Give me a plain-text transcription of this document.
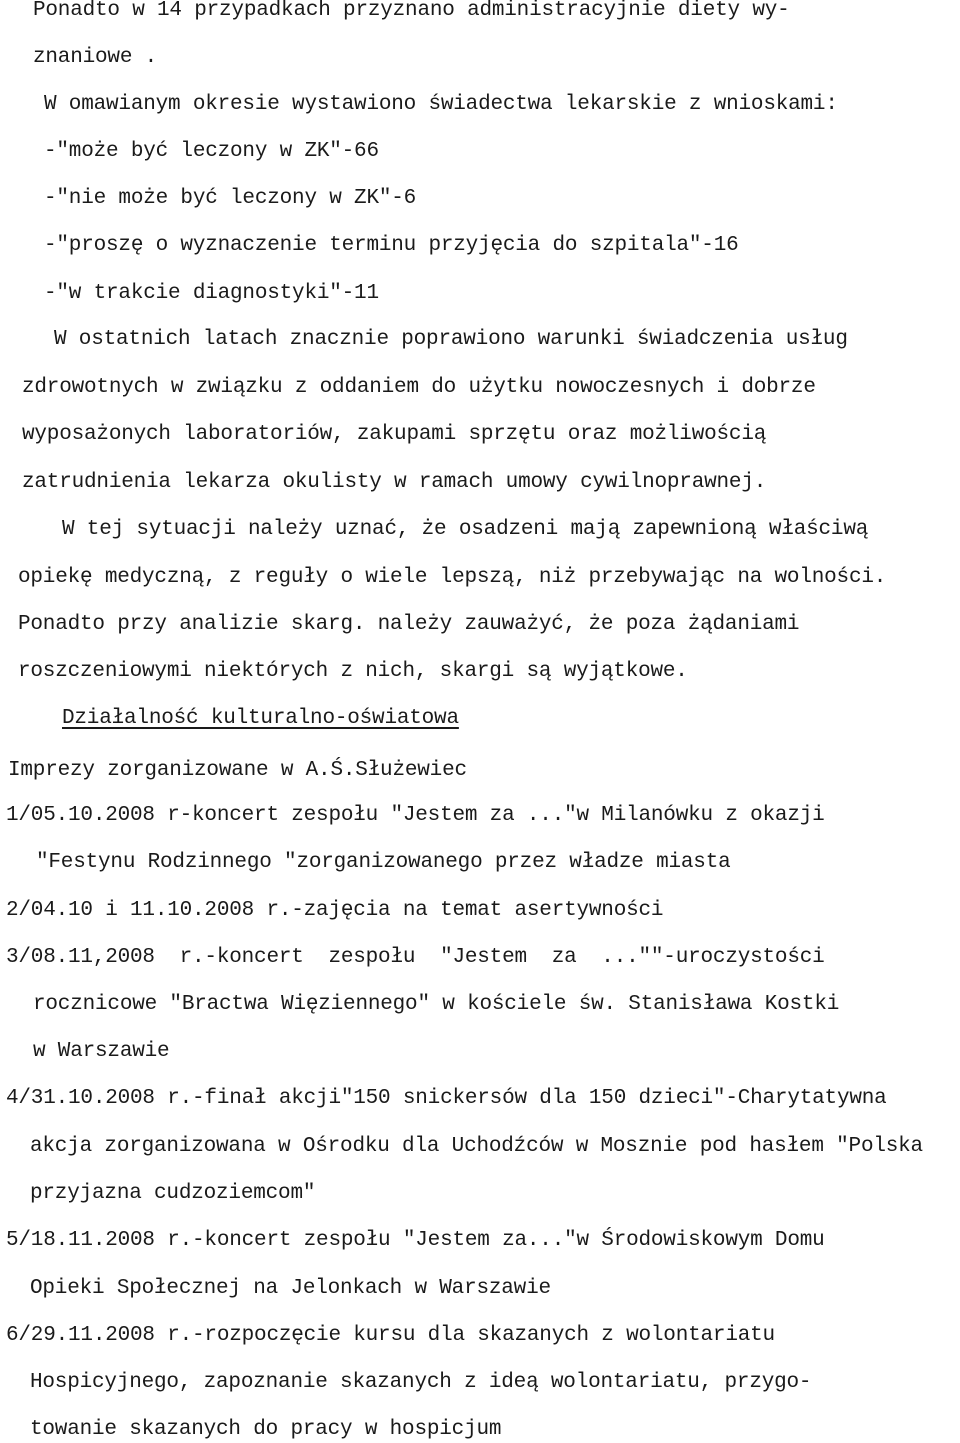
Ponadto w 14 przypadkach przyznano administracyjnie diety wy-
znaniowe .
W omawianym okresie wystawiono świadectwa lekarskie z wnioskami:
-"może być leczony w ZK"-66
-"nie może być leczony w ZK"-6
-"proszę o wyznaczenie terminu przyjęcia do szpitala"-16
-"w trakcie diagnostyki"-11
W ostatnich latach znacznie poprawiono warunki świadczenia usług
zdrowotnych w związku z oddaniem do użytku nowoczesnych i dobrze
wyposażonych laboratoriów, zakupami sprzętu oraz możliwością
zatrudnienia lekarza okulisty w ramach umowy cywilnoprawnej.
W tej sytuacji należy uznać, że osadzeni mają zapewnioną właściwą
opiekę medyczną, z reguły o wiele lepszą, niż przebywając na wolności.
Ponadto przy analizie skarg. należy zauważyć, że poza żądaniami
roszczeniowymi niektórych z nich, skargi są wyjątkowe.
Działalność kulturalno-oświatowa
Imprezy zorganizowane w A.Ś.Służewiec
1/05.10.2008 r-koncert zespołu "Jestem za ..."w Milanówku z okazji
"Festynu Rodzinnego "zorganizowanego przez władze miasta
2/04.10 i 11.10.2008 r.-zajęcia na temat asertywności
3/08.11,2008  r.-koncert  zespołu  "Jestem  za  ...""-uroczystości
rocznicowe "Bractwa Więziennego" w kościele św. Stanisława Kostki
w Warszawie
4/31.10.2008 r.-finał akcji"150 snickersów dla 150 dzieci"-Charytatywna
akcja zorganizowana w Ośrodku dla Uchodźców w Mosznie pod hasłem "Polska
przyjazna cudzoziemcom"
5/18.11.2008 r.-koncert zespołu "Jestem za..."w Środowiskowym Domu
Opieki Społecznej na Jelonkach w Warszawie
6/29.11.2008 r.-rozpoczęcie kursu dla skazanych z wolontariatu
Hospicyjnego, zapoznanie skazanych z ideą wolontariatu, przygo-
towanie skazanych do pracy w hospicjum
